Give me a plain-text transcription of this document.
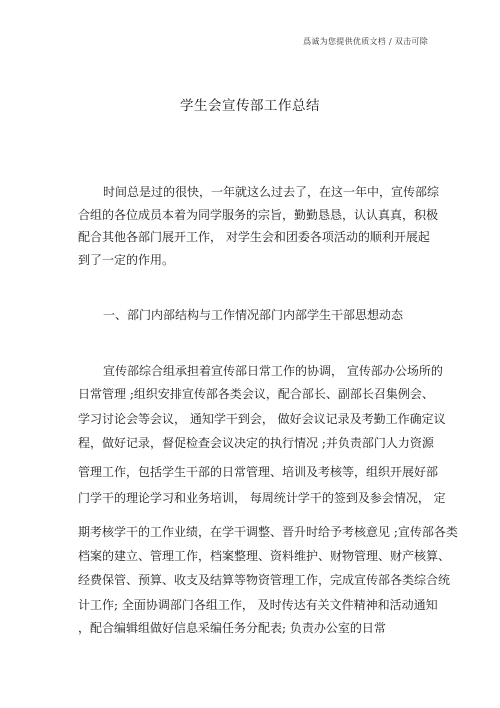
爲诚为您提供优质文档 / 双击可除
学生会宣传部工作总结
时间总是过的很快，一年就这么过去了，在这一年中，宣传部综
合组的各位成员本着为同学服务的宗旨，勤勤恳恳，认认真真，积极
配合其他各部门展开工作， 对学生会和团委各项活动的顺利开展起
到了一定的作用。
一、部门内部结构与工作情况部门内部学生干部思想动态
宣传部综合组承担着宣传部日常工作的协调， 宣传部办公场所的
日常管理 ;组织安排宣传部各类会议，配合部长、副部长召集例会、
学习讨论会等会议， 通知学干到会， 做好会议记录及考勤工作确定议
程，做好记录，督促检查会议决定的执行情况 ;并负责部门人力资源
管理工作，包括学生干部的日常管理、培训及考核等，组织开展好部
门学干的理论学习和业务培训， 每周统计学干的签到及参会情况， 定
期考核学干的工作业绩，在学干调整、晋升时给予考核意见 ;宣传部各类
档案的建立、管理工作，档案整理、资料维护、财物管理、财产核算、
经费保管、预算、收支及结算等物资管理工作，完成宣传部各类综合统
计工作; 全面协调部门各组工作， 及时传达有关文件精神和活动通知
，配合编辑组做好信息采编任务分配表; 负责办公室的日常
